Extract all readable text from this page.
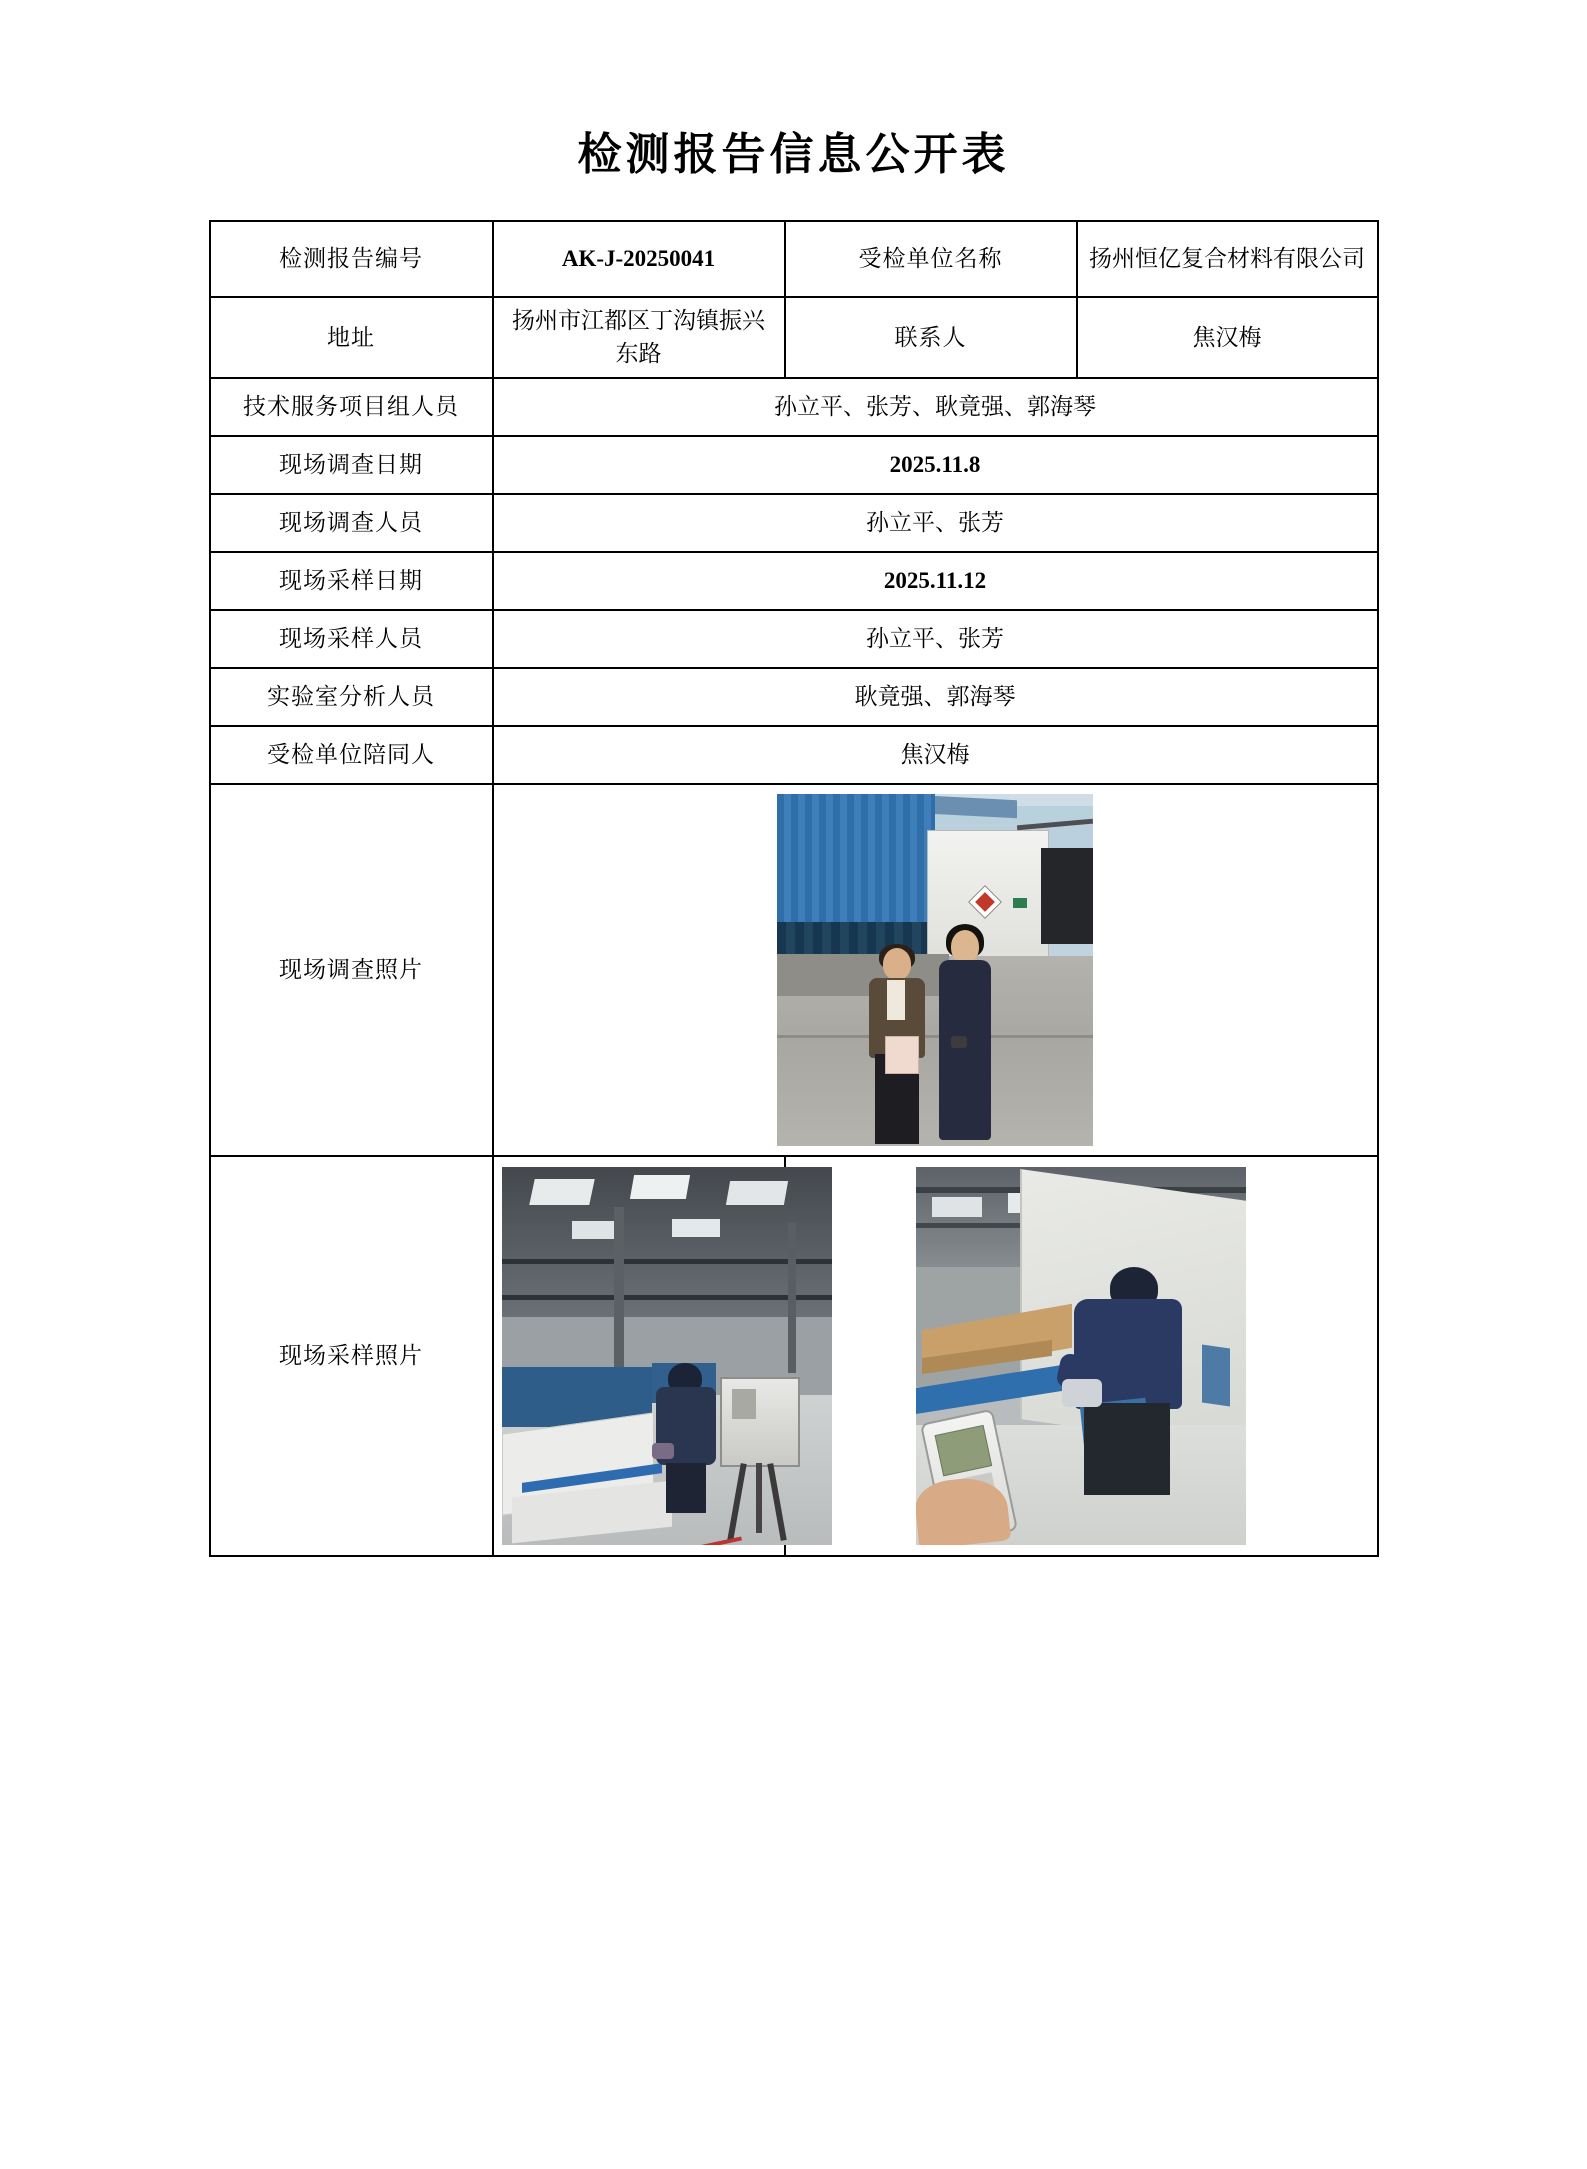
检测报告信息公开表
检测报告编号	AK-J-20250041	受检单位名称	扬州恒亿复合材料有限公司
地址	扬州市江都区丁沟镇振兴东路	联系人	焦汉梅
技术服务项目组人员	孙立平、张芳、耿竟强、郭海琴		
现场调查日期	2025.11.8		
现场调查人员	孙立平、张芳		
现场采样日期	2025.11.12		
现场采样人员	孙立平、张芳		
实验室分析人员	耿竟强、郭海琴		
受检单位陪同人	焦汉梅		
现场调查照片			

现场采样照片		
